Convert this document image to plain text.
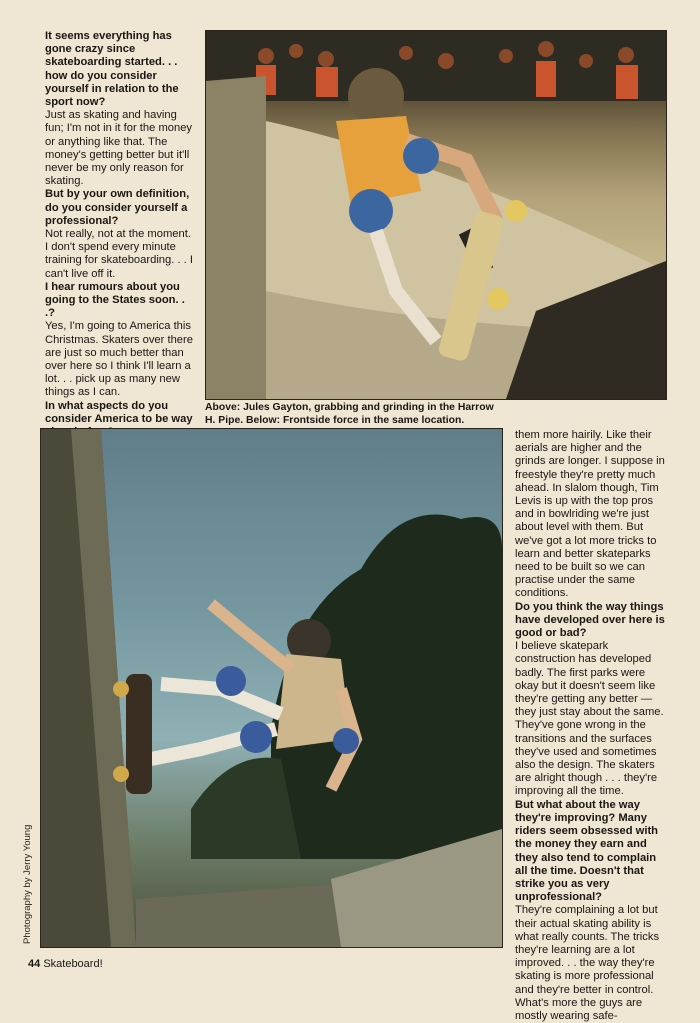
It seems everything has gone crazy since skateboarding started. . . how do you consider yourself in relation to the sport now?

Just as skating and having fun; I'm not in it for the money or anything like that. The money's getting better but it'll never be my only reason for skating.

But by your own definition, do you consider yourself a professional?

Not really, not at the moment. I don't spend every minute training for skateboarding. . . I can't live off it.

I hear rumours about you going to the States soon. . .?

Yes, I'm going to America this Christmas. Skaters over there are just so much better than over here so I think I'll learn a lot. . . pick up as many new things as I can.

In what aspects do you consider America to be way

Above: Jules Gayton, grabbing and grinding in the Harrow H. Pipe. Below: Frontside force in the same location.
Photography by Jerry Young

them more hairily. Like their aerials are higher and the grinds are longer. I suppose in freestyle they're pretty much ahead. In slalom though, Tim Levis is up with the top pros and in bowlriding we're just about level with them. But we've got a lot more tricks to learn and better skateparks need to be built so we can practise under the same conditions.

Do you think the way things have developed over here is good or bad?

I believe skatepark construction has developed badly. The first parks were okay but it doesn't seem like they're getting any better — they just stay about the same. They've gone wrong in the transitions and the surfaces they've used and sometimes also the design. The skaters are alright though . . . they're improving all the time.

But what about the way they're improving? Many riders seem obsessed with the money they earn and they also tend to complain all the time. Doesn't that strike you as very unprofessional?

They're complaining a lot but their actual skating ability is what really counts. The tricks they're learning are a lot improved. . . the way they're skating is more professional and they're better in control. What's more the guys are mostly wearing safe-

44 Skateboard!
